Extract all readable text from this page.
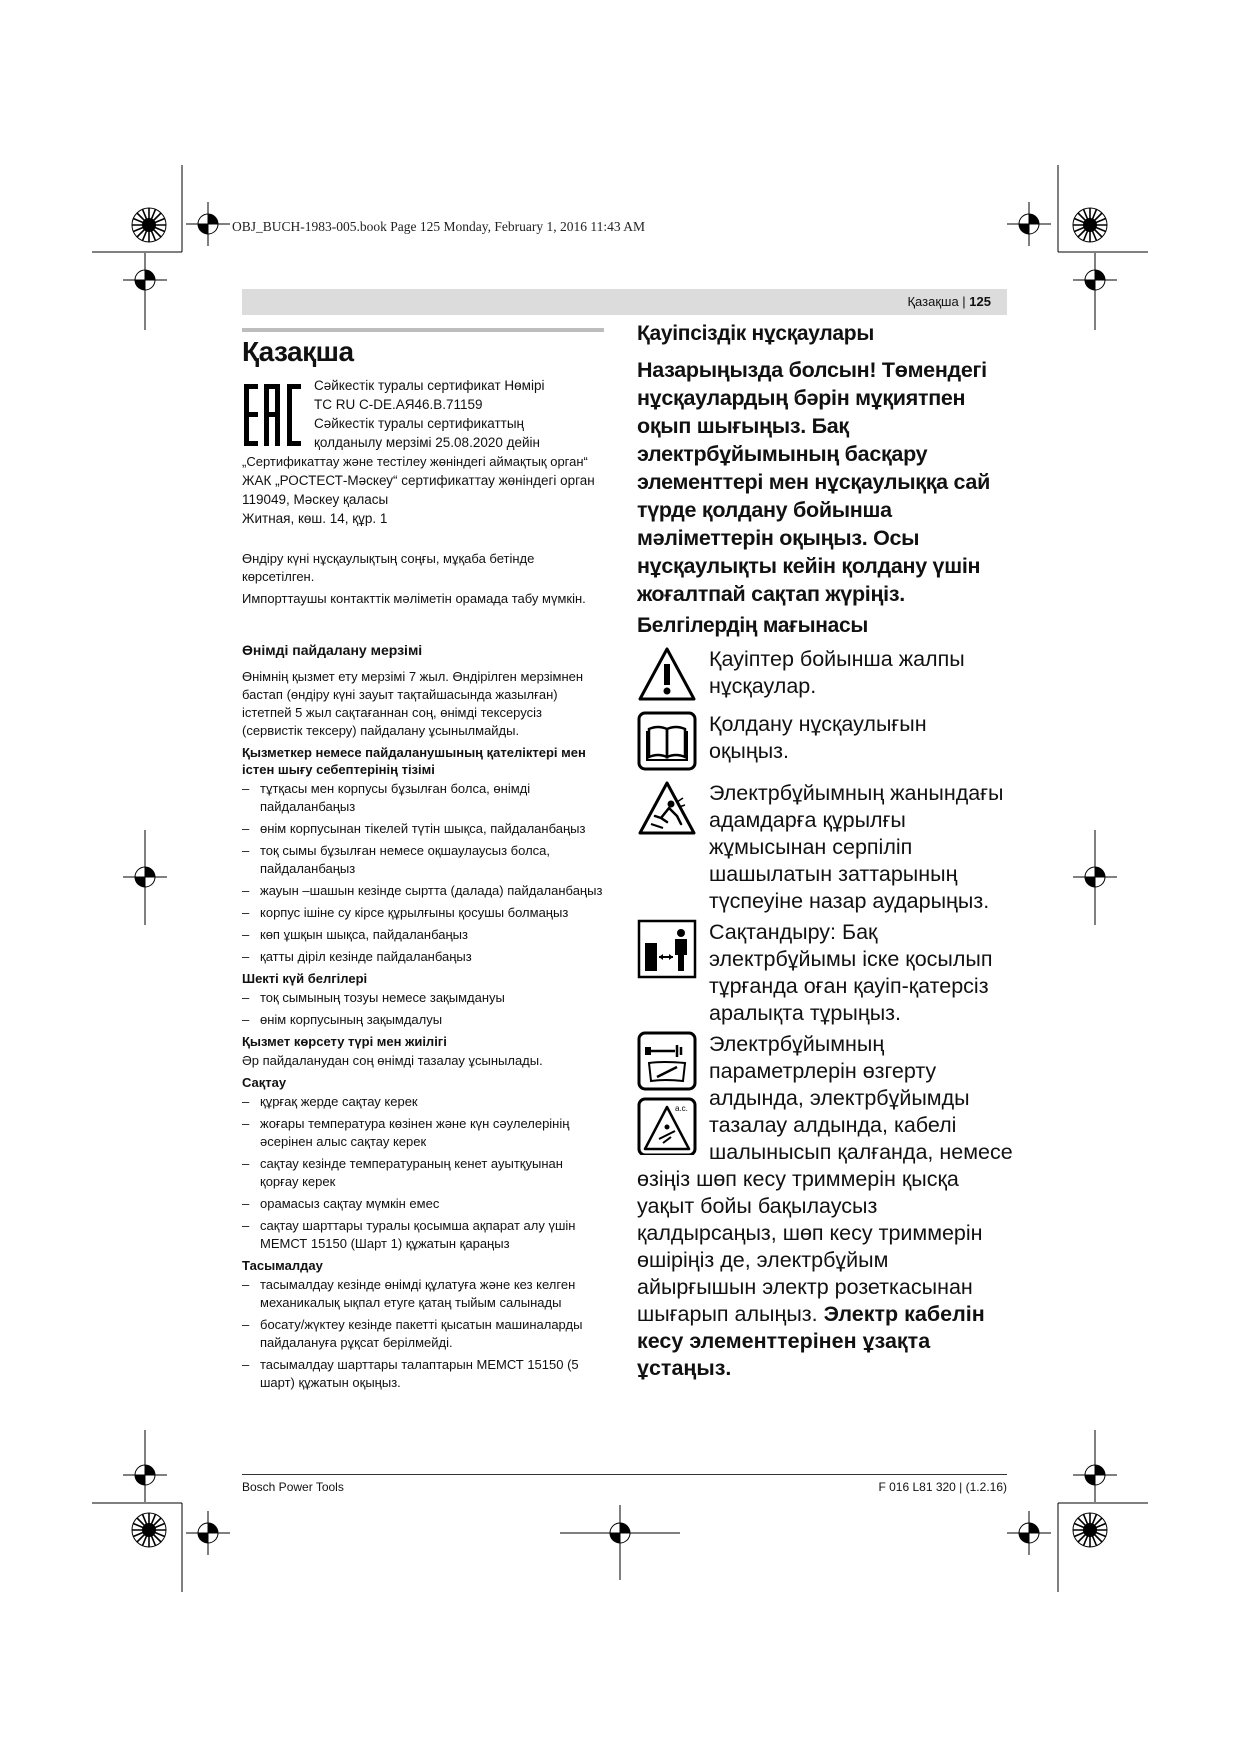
OBJ_BUCH-1983-005.book Page 125 Monday, February 1, 2016 11:43 AM
Қазақша | 125
Қазақша
Сәйкестік туралы сертификат Нөмірі
TC RU C-DE.АЯ46.В.71159
Сәйкестік туралы сертификаттың
қолданылу мерзімі 25.08.2020 дейін
„Сертификаттау және тестілеу жөніндегі аймақтық орган“
ЖАК „РОСТЕСТ-Мәскеу“ сертификаттау жөніндегі орган
119049, Мәскеу қаласы
Житная, көш. 14, құр. 1

Өндіру күні нұсқаулықтың соңғы, мұқаба бетінде көрсетілген.

Импорттаушы контакттік мәліметін орамада табу мүмкін.

Өнімді пайдалану мерзімі

Өнімнің қызмет ету мерзімі 7 жыл. Өндірілген мерзімнен бастап (өндіру күні зауыт тақтайшасында жазылған) істетпей 5 жыл сақтағаннан соң, өнімді тексерусіз (сервистік тексеру) пайдалану ұсынылмайды.

Қызметкер немесе пайдаланушының қателіктері мен істен шығу себептерінің тізімі
– тұтқасы мен корпусы бұзылған болса, өнімді пайдаланбаңыз
– өнім корпусынан тікелей түтін шықса, пайдаланбаңыз
– тоқ сымы бұзылған немесе оқшаулаусыз болса, пайдаланбаңыз
– жауын –шашын кезінде сыртта (далада) пайдаланбаңыз
– корпус ішіне су кірсе құрылғыны қосушы болмаңыз
– көп ұшқын шықса, пайдаланбаңыз
– қатты діріл кезінде пайдаланбаңыз
Шекті күй белгілері
– тоқ сымының тозуы немесе зақымдануы
– өнім корпусының зақымдалуы
Қызмет көрсету түрі мен жиілігі

Әр пайдаланудан соң өнімді тазалау ұсынылады.

Сақтау
– құрғақ жерде сақтау керек
– жоғары температура көзінен және күн сәулелерінің әсерінен алыс сақтау керек
– сақтау кезінде температураның кенет ауытқуынан қорғау керек
– орамасыз сақтау мүмкін емес
– сақтау шарттары туралы қосымша ақпарат алу үшін МЕМСТ 15150 (Шарт 1) құжатын қараңыз
Тасымалдау
– тасымалдау кезінде өнімді құлатуға және кез келген механикалық ықпал етуге қатаң тыйым салынады
– босату/жүктеу кезінде пакетті қысатын машиналарды пайдалануға рұқсат берілмейді.
– тасымалдау шарттары талаптарын МЕМСТ 15150 (5 шарт) құжатын оқыңыз.
Қауіпсіздік нұсқаулары
Назарыңызда болсын! Төмендегі нұсқаулардың бәрін мұқиятпен оқып шығыңыз. Бақ электрбұйымының басқару элементтері мен нұсқаулыққа сай түрде қолдану бойынша мәліметтерін оқыңыз. Осы нұсқаулықты кейін қолдану үшін жоғалтпай сақтап жүріңіз.
Белгілердің мағынасы
Қауіптер бойынша жалпы нұсқаулар.
Қолдану нұсқаулығын оқыңыз.
Электрбұйымның жанындағы адамдарға құрылғы жұмысынан серпіліп шашылатын заттарының түспеуіне назар аударыңыз.
Сақтандыру: Бақ электрбұйымы іске қосылып тұрғанда оған қауіп-қатерсіз аралықта тұрыңыз.
a.c.
Электрбұйымның
параметрлерін өзгерту
алдында, электрбұйымды
тазалау алдында, кабелі
шалынысып қалғанда, немесе
өзіңіз шөп кесу триммерін қысқа уақыт бойы бақылаусыз қалдырсаңыз, шөп кесу триммерін өшіріңіз де, электрбұйым айырғышын электр розеткасынан шығарып алыңыз. Электр кабелін кесу элементтерінен ұзақта ұстаңыз.
Bosch Power Tools	F 016 L81 320 | (1.2.16)
